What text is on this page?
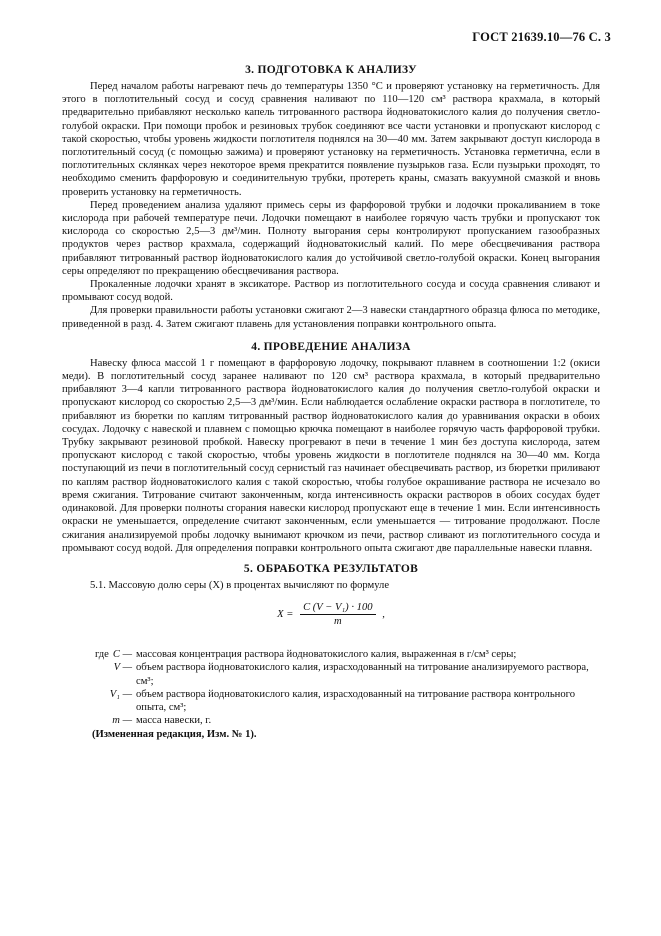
ГОСТ 21639.10—76 С. 3
3. ПОДГОТОВКА К АНАЛИЗУ

Перед началом работы нагревают печь до температуры 1350 °С и проверяют установку на герметичность. Для этого в поглотительный сосуд и сосуд сравнения наливают по 110—120 см³ раствора крахмала, в который предварительно прибавляют несколько капель титрованного раствора йодноватокислого калия до получения светло-голубой окраски. При помощи пробок и резиновых трубок соединяют все части установки и пропускают кислород с такой скоростью, чтобы уровень жидкости поглотителя поднялся на 30—40 мм. Затем закрывают доступ кислорода в поглотительный сосуд (с помощью зажима) и проверяют установку на герметичность. Установка герметична, если в поглотительных склянках через некоторое время прекратится появление пузырьков газа. Если пузырьки проходят, то необходимо сменить фарфоровую и соединительную трубки, протереть краны, смазать вакуумной смазкой и вновь проверить установку на герметичность.

Перед проведением анализа удаляют примесь серы из фарфоровой трубки и лодочки прокаливанием в токе кислорода при рабочей температуре печи. Лодочки помещают в наиболее горячую часть трубки и пропускают ток кислорода со скоростью 2,5—3 дм³/мин. Полноту выгорания серы контролируют пропусканием газообразных продуктов через раствор крахмала, содержащий йодноватокислый калий. По мере обесцвечивания раствора прибавляют титрованный раствор йодноватокислого калия до устойчивой светло-голубой окраски. Конец выгорания серы определяют по прекращению обесцвечивания раствора.

Прокаленные лодочки хранят в эксикаторе. Раствор из поглотительного сосуда и сосуда сравнения сливают и промывают сосуд водой.

Для проверки правильности работы установки сжигают 2—3 навески стандартного образца флюса по методике, приведенной в разд. 4. Затем сжигают плавень для установления поправки контрольного опыта.

4. ПРОВЕДЕНИЕ АНАЛИЗА

Навеску флюса массой 1 г помещают в фарфоровую лодочку, покрывают плавнем в соотношении 1:2 (окиси меди). В поглотительный сосуд заранее наливают по 120 см³ раствора крахмала, в который предварительно прибавляют 3—4 капли титрованного раствора йодноватокислого калия до получения светло-голубой окраски и пропускают кислород со скоростью 2,5—3 дм³/мин. Если наблюдается ослабление окраски раствора в поглотителе, то прибавляют из бюретки по каплям титрованный раствор йодноватокислого калия до уравнивания окраски в обоих сосудах. Лодочку с навеской и плавнем с помощью крючка помещают в наиболее горячую часть фарфоровой трубки. Трубку закрывают резиновой пробкой. Навеску прогревают в печи в течение 1 мин без доступа кислорода, затем пропускают кислород с такой скоростью, чтобы уровень жидкости в поглотителе поднялся на 30—40 мм. Когда поступающий из печи в поглотительный сосуд сернистый газ начинает обесцвечивать раствор, из бюретки приливают по каплям раствор йодноватокислого калия с такой скоростью, чтобы голубое окрашивание раствора не исчезало во время сжигания. Титрование считают законченным, когда интенсивность окраски растворов в обоих сосудах будет одинаковой. Для проверки полноты сгорания навески кислород пропускают еще в течение 1 мин. Если интенсивность окраски не уменьшается, определение считают законченным, если уменьшается — титрование продолжают. После сжигания анализируемой пробы лодочку вынимают крючком из печи, раствор сливают из поглотительного сосуда и промывают сосуд водой. Для определения поправки контрольного опыта сжигают две параллельные навески плавня.

5. ОБРАБОТКА РЕЗУЛЬТАТОВ

5.1. Массовую долю серы (X) в процентах вычисляют по формуле

$X = \frac{\text{C (V − V₁) · 100}}{m}$ ,
где C — массовая концентрация раствора йодноватокислого калия, выраженная в г/см³ серы;
V — объем раствора йодноватокислого калия, израсходованный на титрование анализируемого раствора, см³;
V₁ — объем раствора йодноватокислого калия, израсходованный на титрование раствора контрольного опыта, см³;
m — масса навески, г.
(Измененная редакция, Изм. № 1).
